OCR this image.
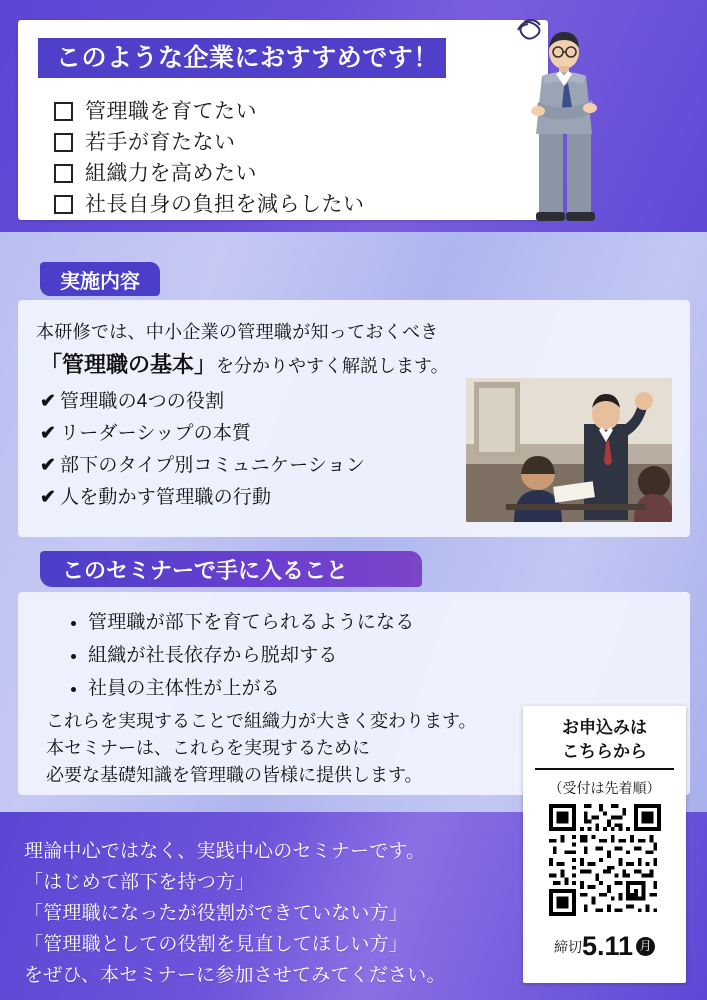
このような企業におすすめです！
管理職を育てたい
若手が育たない
組織力を高めたい
社長自身の負担を減らしたい
実施内容
本研修では、中小企業の管理職が知っておくべき
「管理職の基本」を分かりやすく解説します。
✔ 管理職の4つの役割
✔ リーダーシップの本質
✔ 部下のタイプ別コミュニケーション
✔ 人を動かす管理職の行動
このセミナーで手に入ること
• 管理職が部下を育てられるようになる
• 組織が社長依存から脱却する
• 社員の主体性が上がる
これらを実現することで組織力が大きく変わります。
本セミナーは、これらを実現するために
必要な基礎知識を管理職の皆様に提供します。
理論中心ではなく、実践中心のセミナーです。
「はじめて部下を持つ方」
「管理職になったが役割ができていない方」
「管理職としての役割を見直してほしい方」
をぜひ、本セミナーに参加させてみてください。
お申込みは
こちらから
（受付は先着順）
締切5.11 月
